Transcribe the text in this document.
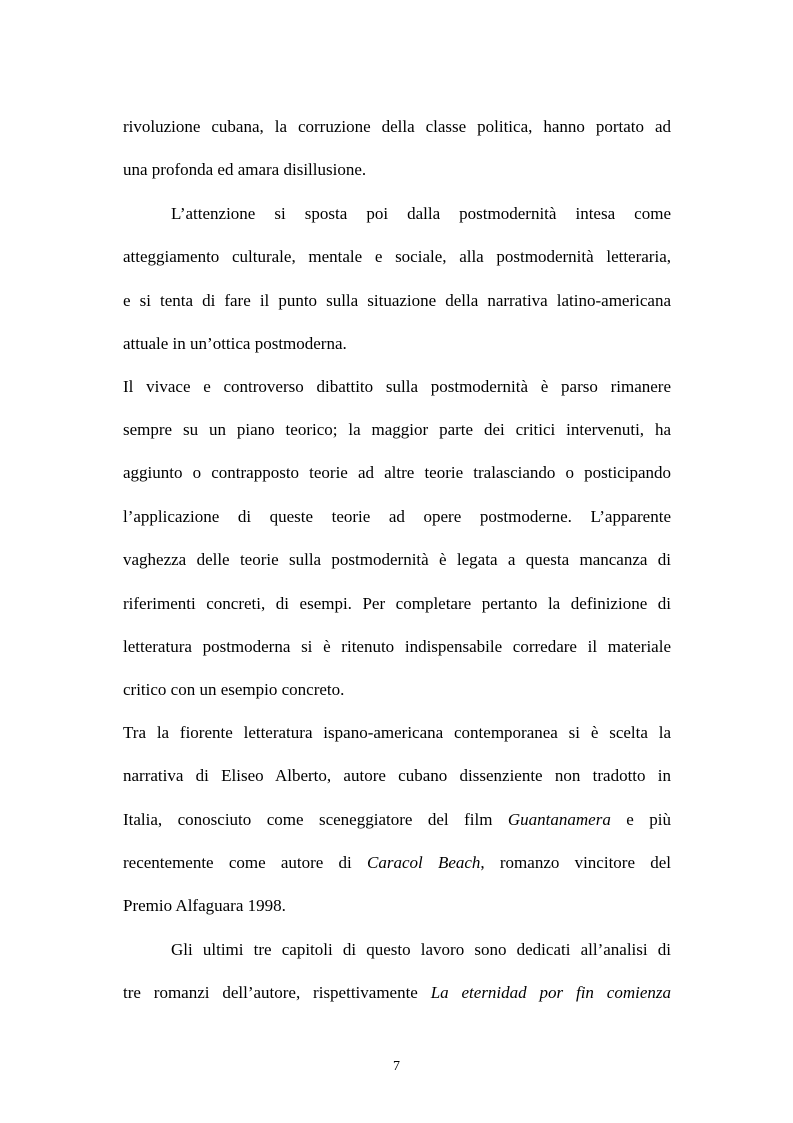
rivoluzione cubana, la corruzione della classe politica, hanno portato ad
una profonda ed amara disillusione.
L’attenzione si sposta poi dalla postmodernità intesa come
atteggiamento culturale, mentale e sociale, alla postmodernità letteraria,
e si tenta di fare il punto sulla situazione della narrativa latino-americana
attuale in un’ottica postmoderna.
Il vivace e controverso dibattito sulla postmodernità è parso rimanere
sempre su un piano teorico; la maggior parte dei critici intervenuti, ha
aggiunto o contrapposto teorie ad altre teorie tralasciando o posticipando
l’applicazione di queste teorie ad opere postmoderne. L’apparente
vaghezza delle teorie sulla postmodernità è legata a questa mancanza di
riferimenti concreti, di esempi. Per completare pertanto la definizione di
letteratura postmoderna si è ritenuto indispensabile corredare il materiale
critico con un esempio concreto.
Tra la fiorente letteratura ispano-americana contemporanea si è scelta la
narrativa di Eliseo Alberto, autore cubano dissenziente non tradotto in
Italia, conosciuto come sceneggiatore del film Guantanamera e più
recentemente come autore di Caracol Beach, romanzo vincitore del
Premio Alfaguara 1998.
Gli ultimi tre capitoli di questo lavoro sono dedicati all’analisi di
tre romanzi dell’autore, rispettivamente La eternidad por fin comienza
7
